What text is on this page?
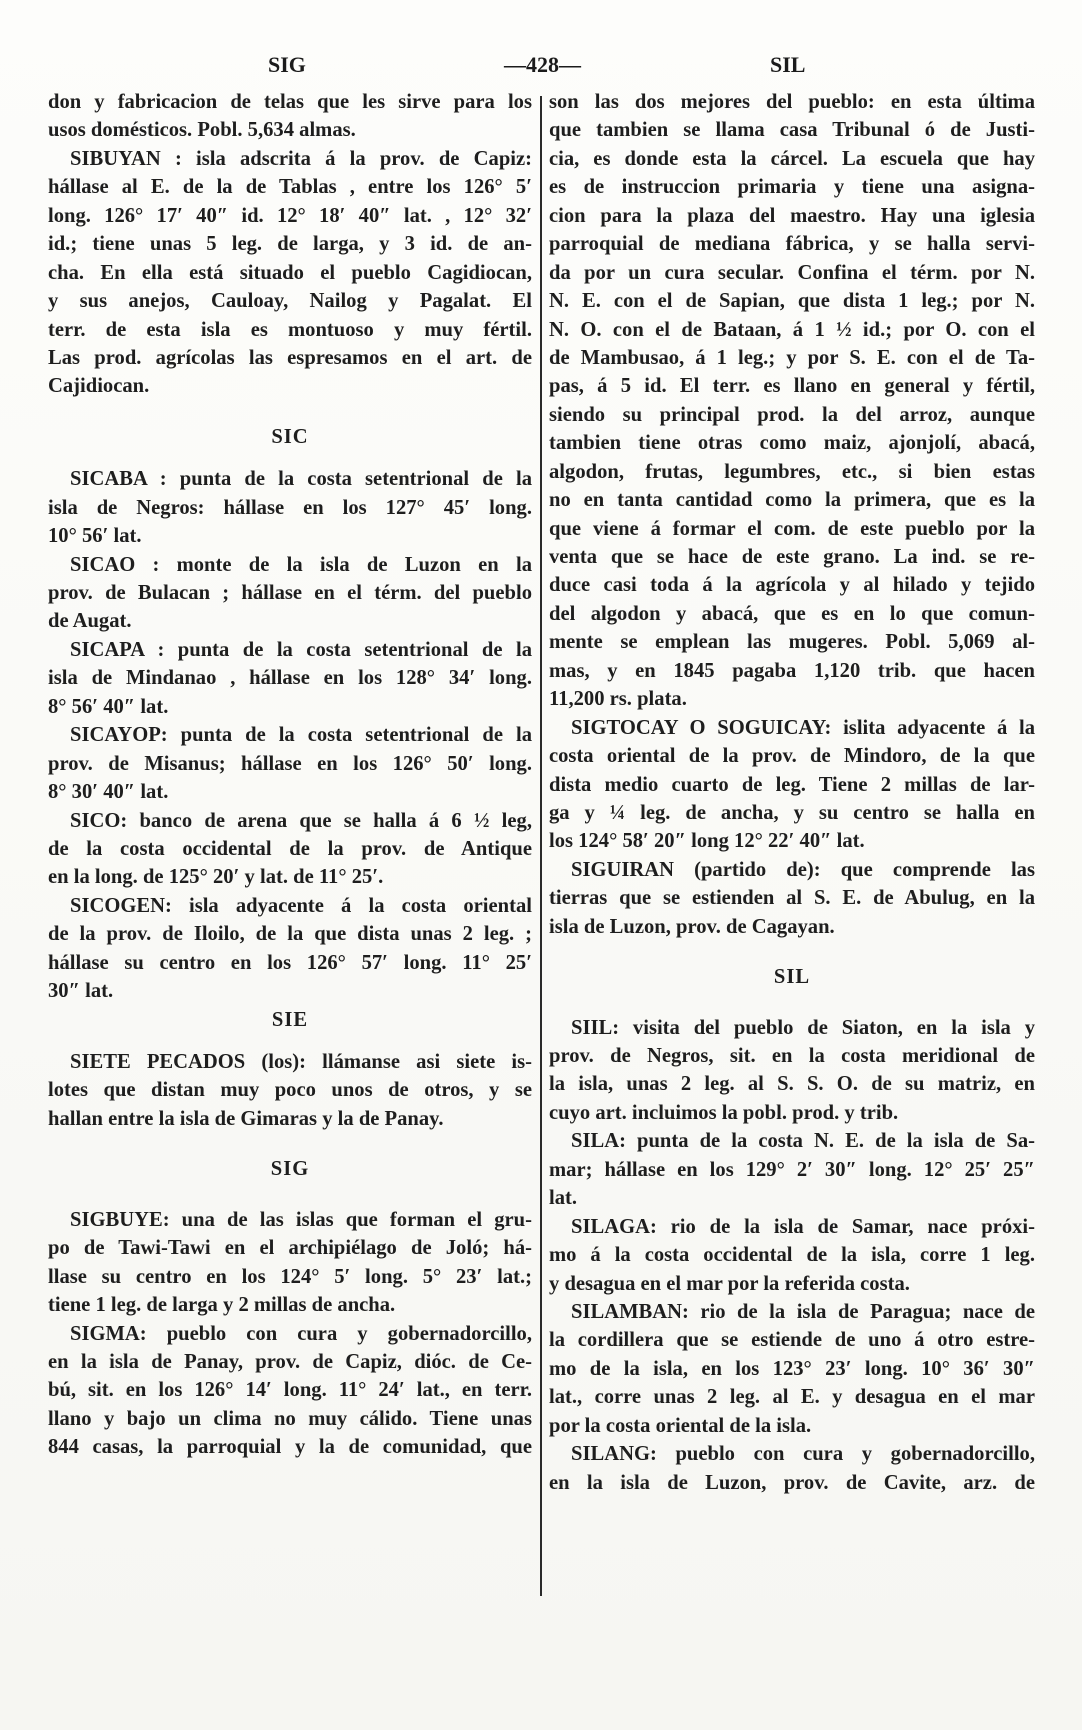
SIG	—428—	SIL
don y fabricacion de telas que les sirve para los
usos domésticos. Pobl. 5,634 almas.
SIBUYAN : isla adscrita á la prov. de Capiz:
hállase al E. de la de Tablas , entre los 126° 5′
long. 126° 17′ 40″ id. 12° 18′ 40″ lat. , 12° 32′
id.; tiene unas 5 leg. de larga, y 3 id. de an-
cha. En ella está situado el pueblo Cagidiocan,
y sus anejos, Cauloay, Nailog y Pagalat. El
terr. de esta isla es montuoso y muy fértil.
Las prod. agrícolas las espresamos en el art. de
Cajidiocan.
SIC
SICABA : punta de la costa setentrional de la
isla de Negros: hállase en los 127° 45′ long.
10° 56′ lat.
SICAO : monte de la isla de Luzon en la
prov. de Bulacan ; hállase en el térm. del pueblo
de Augat.
SICAPA : punta de la costa setentrional de la
isla de Mindanao , hállase en los 128° 34′ long.
8° 56′ 40″ lat.
SICAYOP: punta de la costa setentrional de la
prov. de Misanus; hállase en los 126° 50′ long.
8° 30′ 40″ lat.
SICO: banco de arena que se halla á 6 ½ leg,
de la costa occidental de la prov. de Antique
en la long. de 125° 20′ y lat. de 11° 25′.
SICOGEN: isla adyacente á la costa oriental
de la prov. de Iloilo, de la que dista unas 2 leg. ;
hállase su centro en los 126° 57′ long. 11° 25′
30″ lat.
SIE
SIETE PECADOS (los): llámanse asi siete is-
lotes que distan muy poco unos de otros, y se
hallan entre la isla de Gimaras y la de Panay.
SIG
SIGBUYE: una de las islas que forman el gru-
po de Tawi-Tawi en el archipiélago de Joló; há-
llase su centro en los 124° 5′ long. 5° 23′ lat.;
tiene 1 leg. de larga y 2 millas de ancha.
SIGMA: pueblo con cura y gobernadorcillo,
en la isla de Panay, prov. de Capiz, dióc. de Ce-
bú, sit. en los 126° 14′ long. 11° 24′ lat., en terr.
llano y bajo un clima no muy cálido. Tiene unas
844 casas, la parroquial y la de comunidad, que
son las dos mejores del pueblo: en esta última
que tambien se llama casa Tribunal ó de Justi-
cia, es donde esta la cárcel. La escuela que hay
es de instruccion primaria y tiene una asigna-
cion para la plaza del maestro. Hay una iglesia
parroquial de mediana fábrica, y se halla servi-
da por un cura secular. Confina el térm. por N.
N. E. con el de Sapian, que dista 1 leg.; por N.
N. O. con el de Bataan, á 1 ½ id.; por O. con el
de Mambusao, á 1 leg.; y por S. E. con el de Ta-
pas, á 5 id. El terr. es llano en general y fértil,
siendo su principal prod. la del arroz, aunque
tambien tiene otras como maiz, ajonjolí, abacá,
algodon, frutas, legumbres, etc., si bien estas
no en tanta cantidad como la primera, que es la
que viene á formar el com. de este pueblo por la
venta que se hace de este grano. La ind. se re-
duce casi toda á la agrícola y al hilado y tejido
del algodon y abacá, que es en lo que comun-
mente se emplean las mugeres. Pobl. 5,069 al-
mas, y en 1845 pagaba 1,120 trib. que hacen
11,200 rs. plata.
SIGTOCAY O SOGUICAY: islita adyacente á la
costa oriental de la prov. de Mindoro, de la que
dista medio cuarto de leg. Tiene 2 millas de lar-
ga y ¼ leg. de ancha, y su centro se halla en
los 124° 58′ 20″ long 12° 22′ 40″ lat.
SIGUIRAN (partido de): que comprende las
tierras que se estienden al S. E. de Abulug, en la
isla de Luzon, prov. de Cagayan.
SIL
SIIL: visita del pueblo de Siaton, en la isla y
prov. de Negros, sit. en la costa meridional de
la isla, unas 2 leg. al S. S. O. de su matriz, en
cuyo art. incluimos la pobl. prod. y trib.
SILA: punta de la costa N. E. de la isla de Sa-
mar; hállase en los 129° 2′ 30″ long. 12° 25′ 25″
lat.
SILAGA: rio de la isla de Samar, nace próxi-
mo á la costa occidental de la isla, corre 1 leg.
y desagua en el mar por la referida costa.
SILAMBAN: rio de la isla de Paragua; nace de
la cordillera que se estiende de uno á otro estre-
mo de la isla, en los 123° 23′ long. 10° 36′ 30″
lat., corre unas 2 leg. al E. y desagua en el mar
por la costa oriental de la isla.
SILANG: pueblo con cura y gobernadorcillo,
en la isla de Luzon, prov. de Cavite, arz. de
